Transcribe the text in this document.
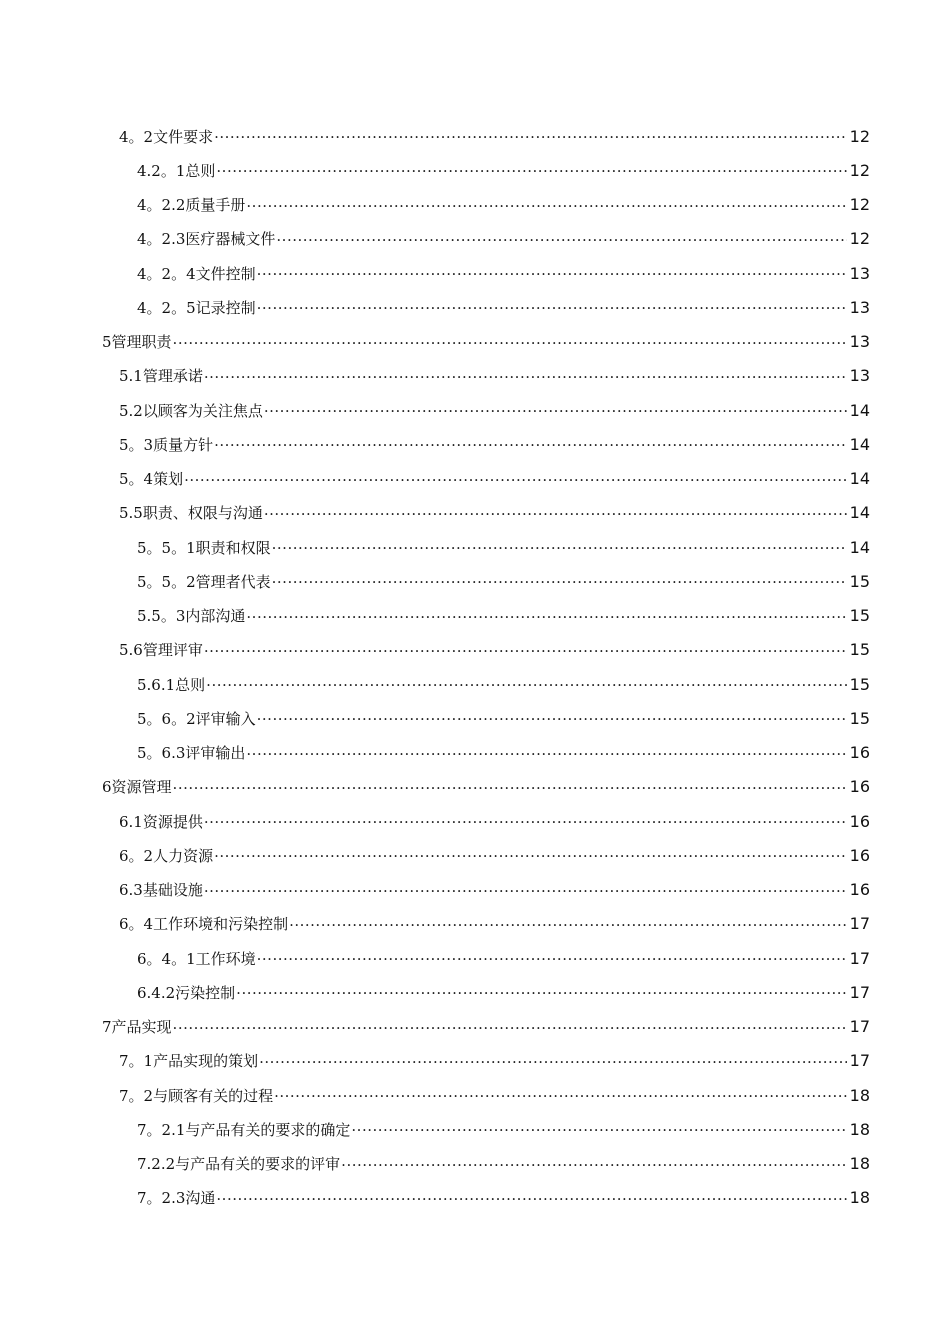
4。2文件要求 .....	12
4.2。1总则 .....	12
4。2.2质量手册 .....	12
4。2.3医疗器械文件 .....	12
4。2。4文件控制 .....	13
4。2。5记录控制 .....	13
5管理职责 .....	13
5.1管理承诺 .....	13
5.2以顾客为关注焦点 .....	14
5。3质量方针 .....	14
5。4策划 .....	14
5.5职责、权限与沟通 .....	14
5。5。1职责和权限 .....	14
5。5。2管理者代表 .....	15
5.5。3内部沟通 .....	15
5.6管理评审 .....	15
5.6.1总则 .....	15
5。6。2评审输入 .....	15
5。6.3评审输出 .....	16
6资源管理 .....	16
6.1资源提供 .....	16
6。2人力资源 .....	16
6.3基础设施 .....	16
6。4工作环境和污染控制 .....	17
6。4。1工作环境 .....	17
6.4.2污染控制 .....	17
7产品实现 .....	17
7。1产品实现的策划 .....	17
7。2与顾客有关的过程 .....	18
7。2.1与产品有关的要求的确定 .....	18
7.2.2与产品有关的要求的评审 .....	18
7。2.3沟通 .....	18
